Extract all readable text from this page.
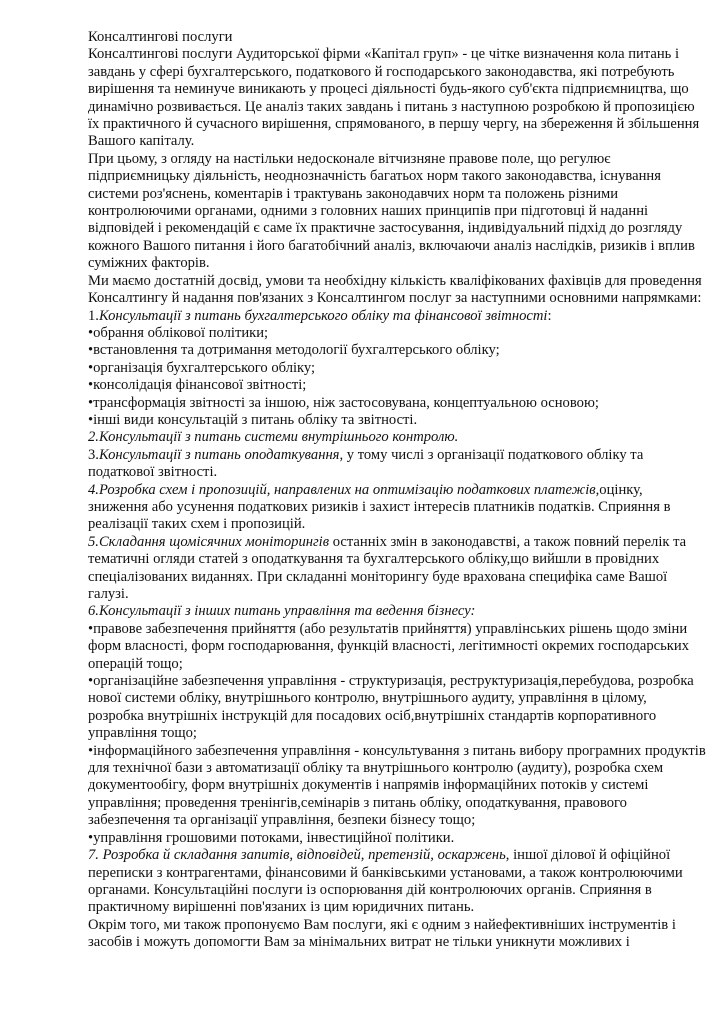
Консалтингові послуги

Консалтингові послуги Аудиторської фірми «Капітал груп» - це чітке визначення кола питань і завдань у сфері бухгалтерського, податкового й господарського законодавства, які потребують вирішення та неминуче виникають у процесі діяльності будь-якого суб'єкта підприємництва, що динамічно розвивається. Це аналіз таких завдань і питань з наступною розробкою й пропозицією їх практичного й сучасного вирішення, спрямованого, в першу чергу, на збереження й збільшення Вашого капіталу.

При цьому, з огляду на настільки недосконале вітчизняне правове поле, що регулює підприємницьку діяльність, неоднозначність багатьох норм такого законодавства, існування системи роз'яснень, коментарів і трактувань законодавчих норм та положень різними контролюючими органами, одними з головних наших принципів при підготовці й наданні відповідей і рекомендацій є саме їх практичне застосування, індивідуальний підхід до розгляду кожного Вашого питання і його багатобічний аналіз, включаючи аналіз наслідків, ризиків і вплив суміжних факторів.

Ми маємо достатній досвід, умови та необхідну кількість кваліфікованих фахівців для проведення Консалтингу й надання пов'язаних з Консалтингом послуг за наступними основними напрямками:

1.Консультації з питань бухгалтерського обліку та фінансової звітності:

•обрання облікової політики;

•встановлення та дотримання методології бухгалтерського обліку;

•організація бухгалтерського обліку;

•консолідація фінансової звітності;

•трансформація звітності за іншою, ніж застосовувана, концептуальною основою;

•інші види консультацій з питань обліку та звітності.

2.Консультації з питань системи внутрішнього контролю.

3.Консультації з питань оподаткування, у тому числі з організації податкового обліку та податкової звітності.

4.Розробка схем і пропозицій, направлених на оптимізацію податкових платежів,оцінку, зниження або усунення податкових ризиків і захист інтересів платників податків. Сприяння в реалізації таких схем і пропозицій.

5.Складання щомісячних моніторингів останніх змін в законодавстві, а також повний перелік та тематичні огляди статей з оподаткування та бухгалтерського обліку,що вийшли в провідних спеціалізованих виданнях. При складанні моніторингу буде врахована специфіка саме Вашої галузі.

6.Консультації з інших питань управління та ведення бізнесу:

•правове забезпечення прийняття (або результатів прийняття) управлінських рішень щодо зміни форм власності, форм господарювання, функцій власності, легітимності окремих господарських операцій тощо;

•організаційне забезпечення управління - структуризація, реструктуризація,перебудова, розробка нової системи обліку, внутрішнього контролю, внутрішнього аудиту, управління в цілому, розробка внутрішніх інструкцій для посадових осіб,внутрішніх стандартів корпоративного управління тощо;

•інформаційного забезпечення управління - консультування з питань вибору програмних продуктів для технічної бази з автоматизації обліку та внутрішнього контролю (аудиту), розробка схем документообігу, форм внутрішніх документів і напрямів інформаційних потоків у системі управління; проведення тренінгів,семінарів з питань обліку, оподаткування, правового забезпечення та організації управління, безпеки бізнесу тощо;

•управління грошовими потоками, інвестиційної політики.

7. Розробка й складання запитів, відповідей, претензій, оскаржень, іншої ділової й офіційної переписки з контрагентами, фінансовими й банківськими установами, а також контролюючими органами. Консультаційні послуги із оспорювання дій контролюючих органів. Сприяння в практичному вирішенні пов'язаних із цим юридичних питань.

Окрім того, ми також пропонуємо Вам послуги, які є одним з найефективніших інструментів і засобів і можуть допомогти Вам за мінімальних витрат не тільки уникнути можливих і
